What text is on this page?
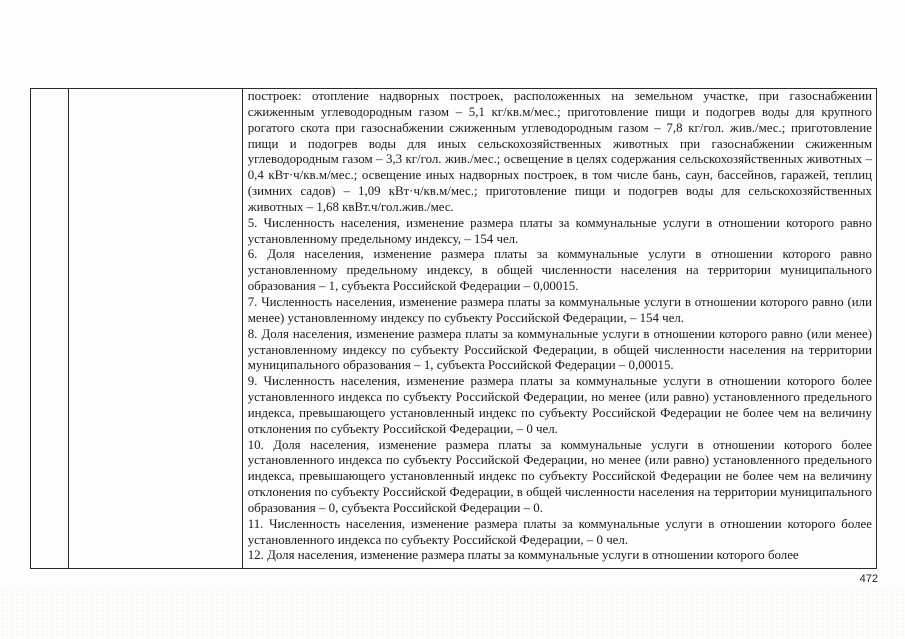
построек: отопление надворных построек, расположенных на земельном участке, при газоснабжении сжиженным углеводородным газом – 5,1 кг/кв.м/мес.; приготовление пищи и подогрев воды для крупного рогатого скота при газоснабжении сжиженным углеводородным газом – 7,8 кг/гол. жив./мес.; приготовление пищи и подогрев воды для иных сельскохозяйственных животных при газоснабжении сжиженным углеводородным газом – 3,3 кг/гол. жив./мес.; освещение в целях содержания сельскохозяйственных животных – 0,4 кВт·ч/кв.м/мес.; освещение иных надворных построек, в том числе бань, саун, бассейнов, гаражей, теплиц (зимних садов) – 1,09 кВт·ч/кв.м/мес.; приготовление пищи и подогрев воды для сельскохозяйственных животных – 1,68 квВт.ч/гол.жив./мес.

5. Численность населения, изменение размера платы за коммунальные услуги в отношении которого равно установленному предельному индексу, – 154 чел.

6. Доля населения, изменение размера платы за коммунальные услуги в отношении которого равно установленному предельному индексу, в общей численности населения на территории муниципального образования – 1, субъекта Российской Федерации – 0,00015.

7. Численность населения, изменение размера платы за коммунальные услуги в отношении которого равно (или менее) установленному индексу по субъекту Российской Федерации, – 154 чел.

8. Доля населения, изменение размера платы за коммунальные услуги в отношении которого равно (или менее) установленному индексу по субъекту Российской Федерации, в общей численности населения на территории муниципального образования – 1, субъекта Российской Федерации – 0,00015.

9. Численность населения, изменение размера платы за коммунальные услуги в отношении которого более установленного индекса по субъекту Российской Федерации, но менее (или равно) установленного предельного индекса, превышающего установленный индекс по субъекту Российской Федерации не более чем на величину отклонения по субъекту Российской Федерации, – 0 чел.

10. Доля населения, изменение размера платы за коммунальные услуги в отношении которого более установленного индекса по субъекту Российской Федерации, но менее (или равно) установленного предельного индекса, превышающего установленный индекс по субъекту Российской Федерации не более чем на величину отклонения по субъекту Российской Федерации, в общей численности населения на территории муниципального образования – 0, субъекта Российской Федерации – 0.

11. Численность населения, изменение размера платы за коммунальные услуги в отношении которого более установленного индекса по субъекту Российской Федерации, – 0 чел.

12. Доля населения, изменение размера платы за коммунальные услуги в отношении которого более

472
